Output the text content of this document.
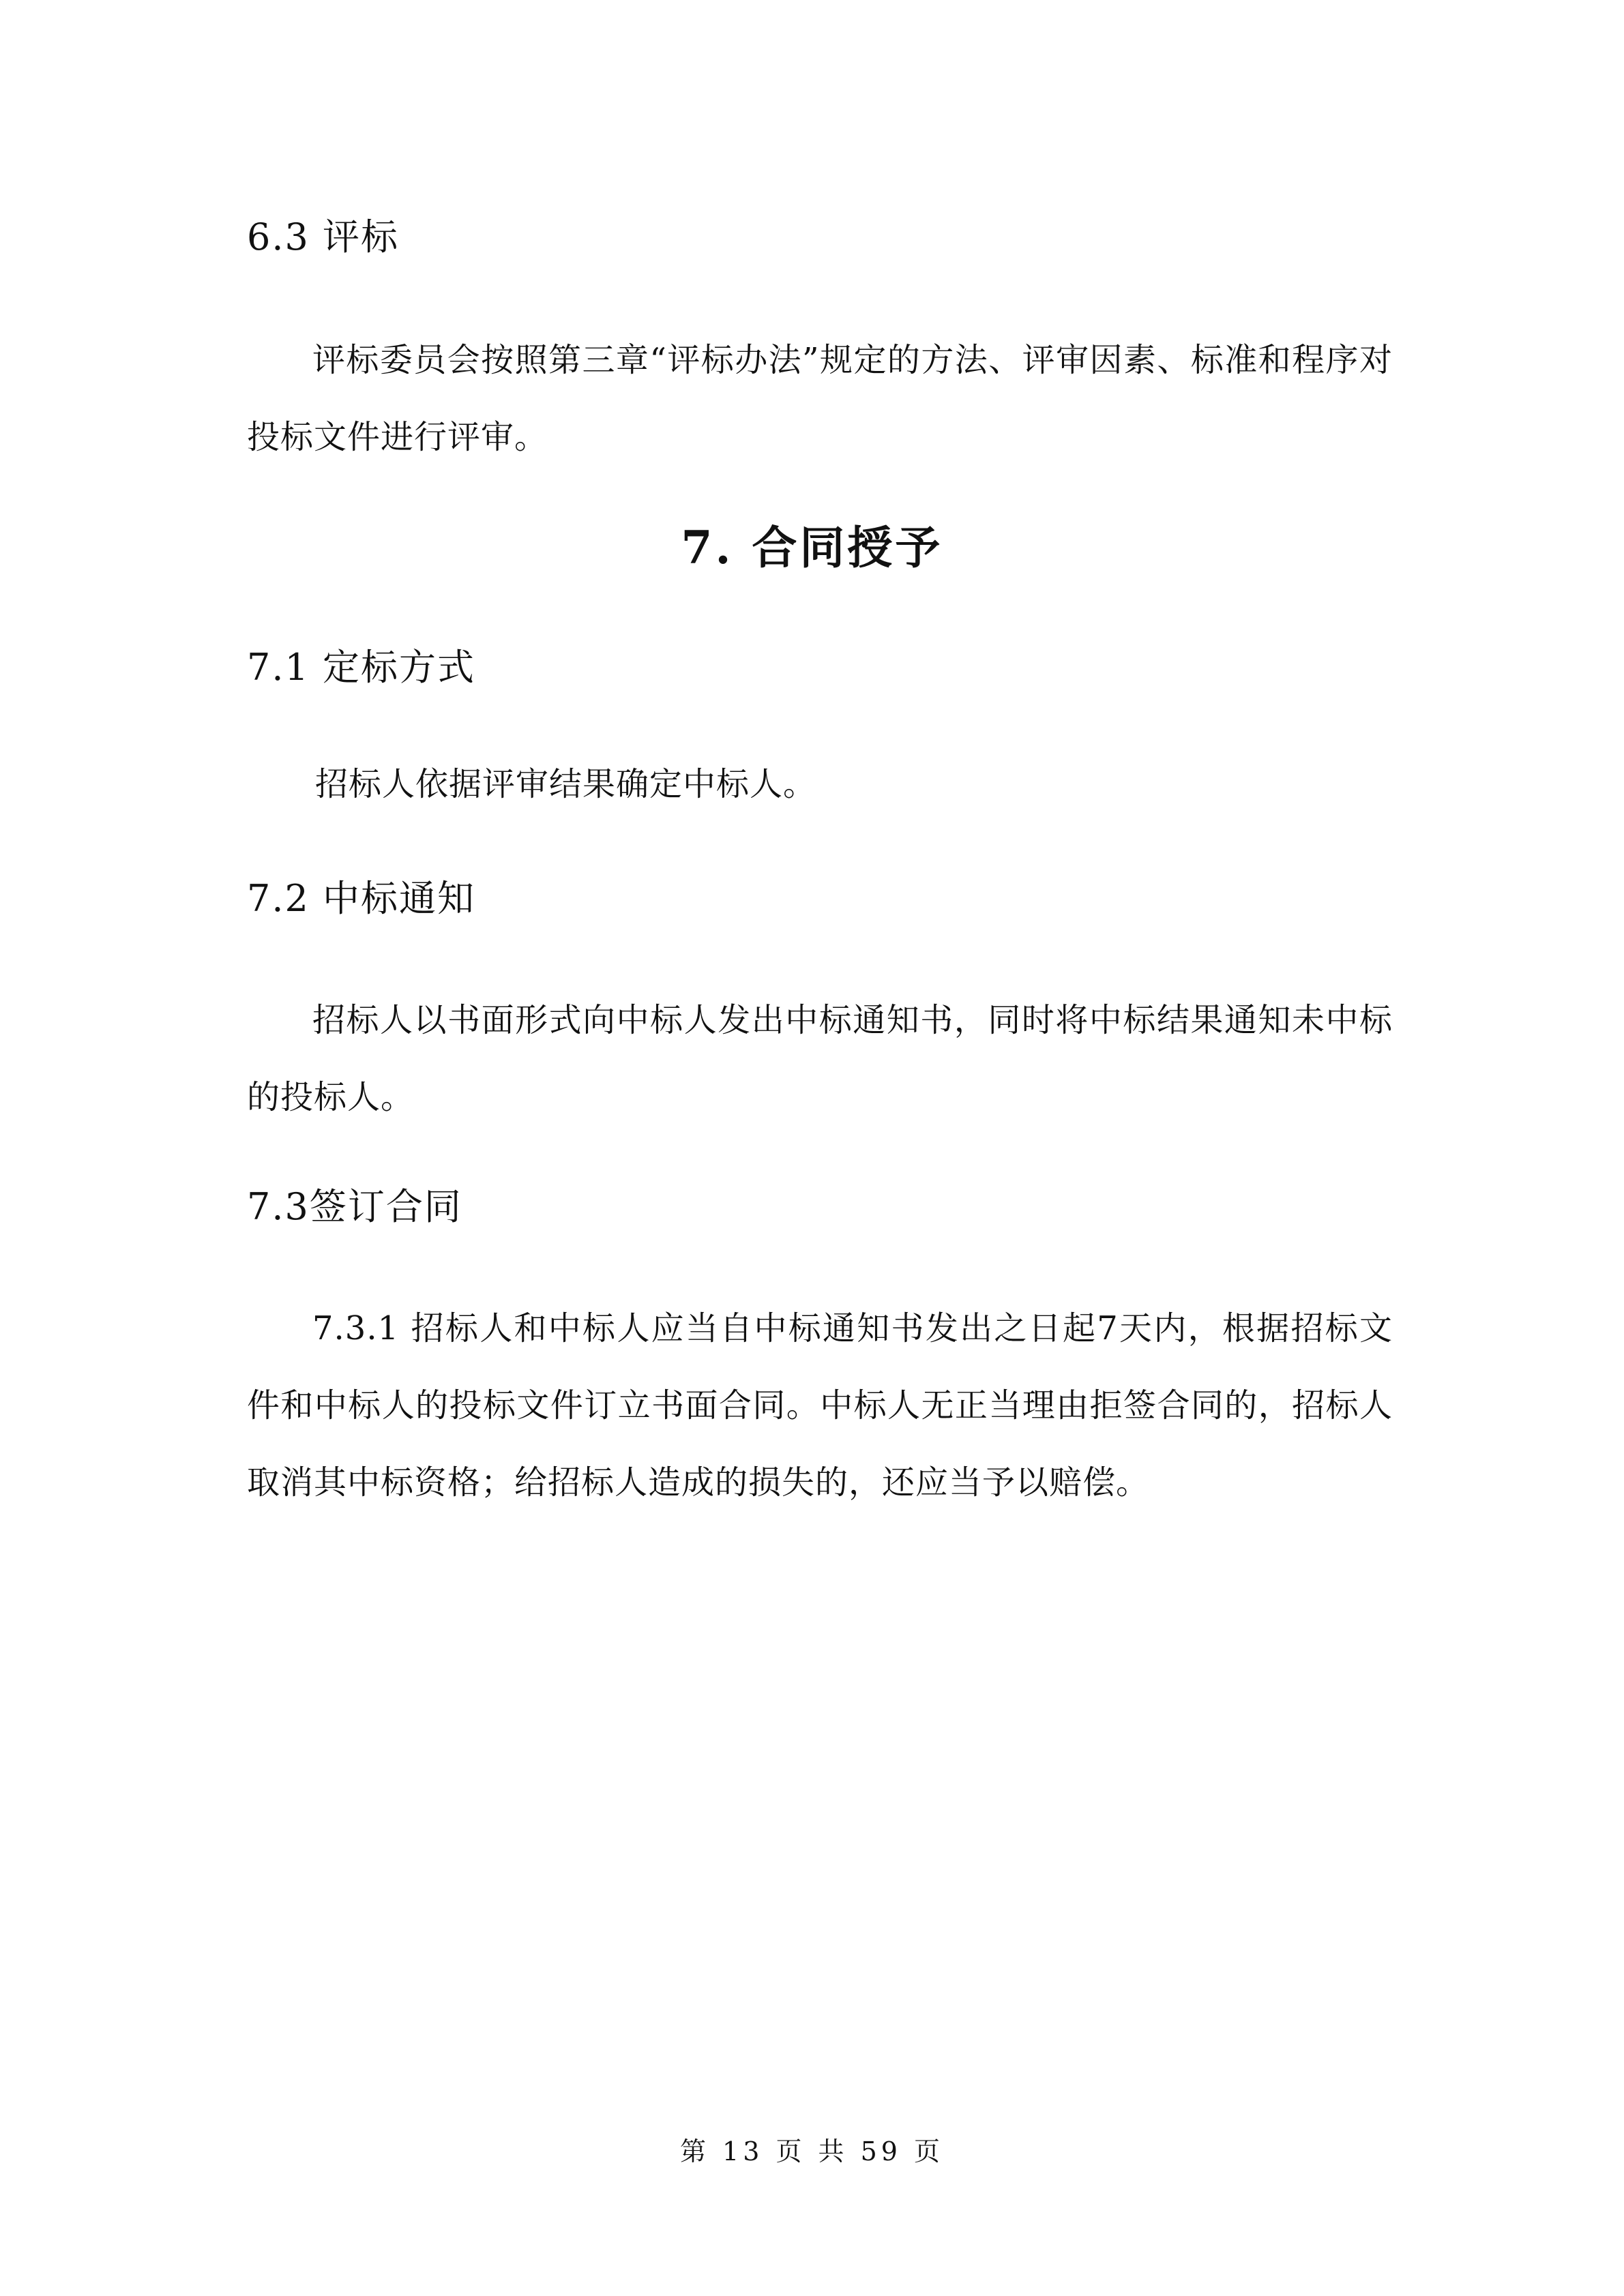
6.3 评标

评标委员会按照第三章“评标办法”规定的方法、评审因素、标准和程序对投标文件进行评审。

7. 合同授予
7.1 定标方式

招标人依据评审结果确定中标人。

7.2 中标通知

招标人以书面形式向中标人发出中标通知书，同时将中标结果通知未中标的投标人。

7.3签订合同

7.3.1 招标人和中标人应当自中标通知书发出之日起7天内，根据招标文件和中标人的投标文件订立书面合同。中标人无正当理由拒签合同的，招标人取消其中标资格；给招标人造成的损失的，还应当予以赔偿。

第 13 页 共 59 页
